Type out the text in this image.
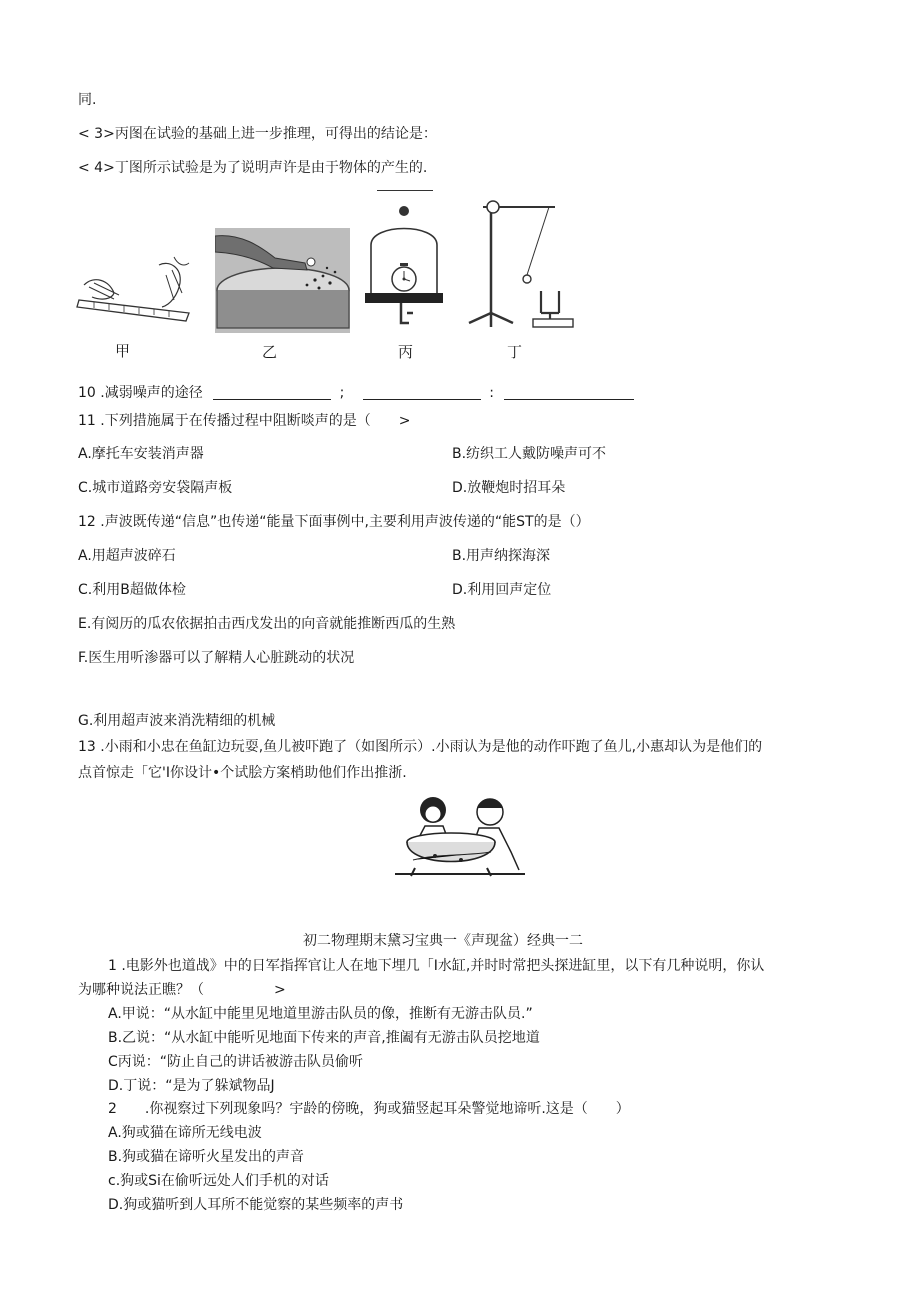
同.
< 3>丙图在试验的基础上进一步推理，可得出的结论是：
< 4>丁图所示试验是为了说明声许是由于物体的产生的.
甲	乙	丙	丁
10 .减弱噪声的途径	;	:
11 .下列措施属于在传播过程中阻断啖声的是（　　>
A.摩托车安装消声器	B.纺织工人戴防噪声可不
C.城市道路旁安袋隔声板	D.放鞭炮时招耳朵
12 .声波既传递“信息”也传递“能量下面事例中,主要利用声波传递的“能ST的是（）
A.用超声波碎石	B.用声纳探海深
C.利用B超做体检	D.利用回声定位
E.有阅历的瓜农依据拍击西戊发出的向音就能推断西瓜的生熟
F.医生用听渗器可以了解精人心脏跳动的状况
G.利用超声波来消洗精细的机械
13 .小雨和小忠在鱼缸边玩耍,鱼儿被吓跑了（如图所示）.小雨认为是他的动作吓跑了鱼儿,小惠却认为是他们的
点首惊走「它'I你设计•个试脍方案梢助他们作出推浙.
初二物理期末黛习宝典一《声现盆）经典一二
1 .电影外也道战》中的日军指挥官让人在地下埋几「I水缸,并时时常把头探进缸里，以下有几种说明，你认
为哪种说法正瞧？（　　　　　>
A.甲说：“从水缸中能里见地道里游击队员的像，推断有无游击队员.”
B.乙说：“从水缸中能听见地面下传来的声音,推阖有无游击队员挖地道
C丙说：“防止自己的讲话被游击队员偷听
D.丁说：“是为了躲斌物品J
2　　.你视察过下列现象吗？宇龄的傍晚，狗或猫竖起耳朵警觉地谛听.这是（　　）
A.狗或猫在谛所无线电波
B.狗或猫在谛听火星发出的声音
c.狗或Si在偷听远处人们手机的对话
D.狗或猫听到人耳所不能觉察的某些频率的声书
